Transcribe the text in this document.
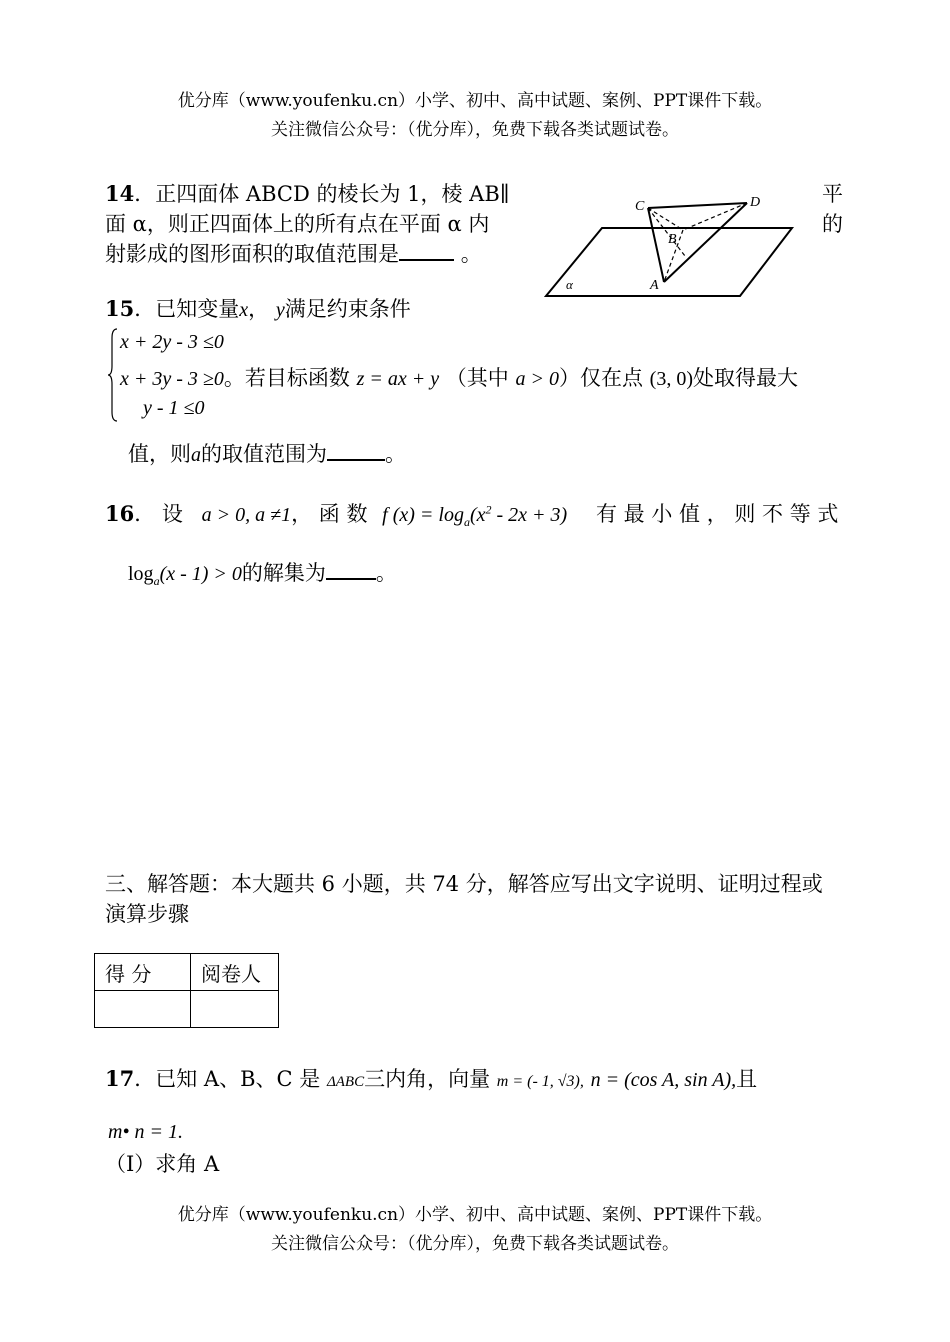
优分库（www.youfenku.cn）小学、初中、高中试题、案例、PPT课件下载。
关注微信公众号：（优分库），免费下载各类试题试卷。
14．正四面体 ABCD 的棱长为 1，棱 AB∥	平
面 α，则正四面体上的所有点在平面 α 内	的
射影成的图形面积的取值范围是	。
C	D
B
A
α
15．已知变量x， y满足约束条件
x + 2y - 3 ≤0
x + 3y - 3 ≥0。若目标函数 z = ax + y （其中 a > 0）仅在点 (3, 0)处取得最大
y - 1 ≤0
值，则a的取值范围为	。
16． 设 a > 0, a ≠1， 函 数 f $(x) = \log_a(x^2 - 2x + 3)$ 有 最 小 值 ， 则 不 等 式
$\log_a(x - 1) > 0$的解集为 。
三、解答题：本大题共 6 小题，共 74 分，解答应写出文字说明、证明过程或
演算步骤
得 分	阅卷人

17．已知 A、B、C 是 ΔABC三内角，向量 m = (- 1, √3), n = (cos A, sin A),且
m• n = 1.
（Ⅰ）求角 A
优分库（www.youfenku.cn）小学、初中、高中试题、案例、PPT课件下载。
关注微信公众号：（优分库），免费下载各类试题试卷。
